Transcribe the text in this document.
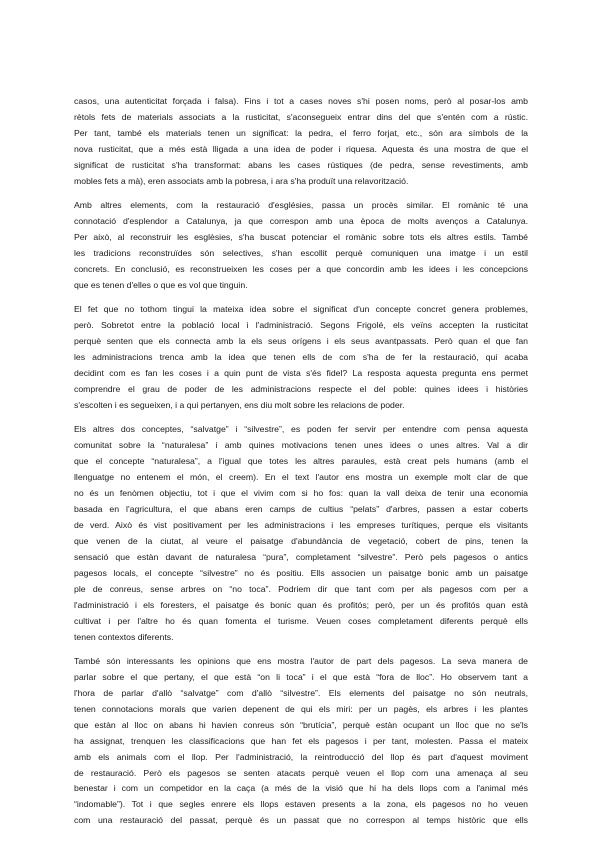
casos, una autenticitat forçada i falsa). Fins i tot a cases noves s'hi posen noms, però al posar-los amb
rètols fets de materials associats a la rusticitat, s'aconsegueix entrar dins del que s'entén com a rústic.
Per tant, també els materials tenen un significat: la pedra, el ferro forjat, etc., són ara símbols de la
nova rusticitat, que a més està lligada a una idea de poder i riquesa. Aquesta és una mostra de que el
significat de rusticitat s'ha transformat: abans les cases rústiques (de pedra, sense revestiments, amb
mobles fets a mà), eren associats amb la pobresa, i ara s'ha produït una relavorització.
Amb altres elements, com la restauració d'esglésies, passa un procès similar. El romànic té una
connotació d'esplendor a Catalunya, ja que correspon amb una època de molts avenços a Catalunya.
Per això, al reconstruir les esglèsies, s'ha buscat potenciar el romànic sobre tots els altres estils. També
les tradicions reconstruïdes són selectives, s'han escollit perquè comuniquen una imatge i un estil
concrets. En conclusió, es reconstrueixen les coses per a que concordin amb les idees i les concepcions
que es tenen d'elles o que es vol que tinguin.
El fet que no tothom tingui la mateixa idea sobre el significat d'un concepte concret genera problemes,
però. Sobretot entre la població local i l'administració. Segons Frigolé, els veïns accepten la rusticitat
perquè senten que els connecta amb la els seus orígens i els seus avantpassats. Però quan el que fan
les administracions trenca amb la idea que tenen ells de com s'ha de fer la restauració, qui acaba
decidint com es fan les coses i a quin punt de vista s'és fidel? La resposta aquesta pregunta ens permet
comprendre el grau de poder de les administracions respecte el del poble: quines idees i històries
s'escolten i es segueixen, i a qui pertanyen, ens diu molt sobre les relacions de poder.
Els altres dos conceptes, “salvatge” i “silvestre”, es poden fer servir per entendre com pensa aquesta
comunitat sobre la “naturalesa” i amb quines motivacions tenen unes idees o unes altres. Val a dir
que el concepte “naturalesa”, a l'igual que totes les altres paraules, està creat pels humans (amb el
llenguatge no entenem el món, el creem). En el text l'autor ens mostra un exemple molt clar de que
no és un fenòmen objectiu, tot i que el vivim com si ho fos: quan la vall deixa de tenir una economia
basada en l'agricultura, el que abans eren camps de cultius “pelats” d'arbres, passen a estar coberts
de verd. Això és vist positivament per les administracions i les empreses turítiques, perque els visitants
que venen de la ciutat, al veure el paisatge d'abundància de vegetació, cobert de pins, tenen la
sensació que estàn davant de naturalesa “pura”, completament “silvestre”. Però pels pagesos o antics
pagesos locals, el concepte “silvestre” no és positiu. Ells associen un paisatge bonic amb un paisatge
ple de conreus, sense arbres on “no toca”. Podriem dir que tant com per als pagesos com per a
l'administració i els foresters, el paisatge és bonic quan és profitós; però, per un és profitós quan està
cultivat i per l'altre ho és quan fomenta el turisme. Veuen coses completament diferents perquè ells
tenen contextos diferents.
També són interessants les opinions que ens mostra l'autor de part dels pagesos. La seva manera de
parlar sobre el que pertany, el que està “on li toca” i el que està “fora de lloc”. Ho observem tant a
l'hora de parlar d'allò “salvatge” com d'allò “silvestre”. Els elements del paisatge no són neutrals,
tenen connotacions morals que varien depenent de qui els miri: per un pagès, els arbres i les plantes
que estàn al lloc on abans hi havien conreus són “brutícia”, perquè estàn ocupant un lloc que no se'ls
ha assignat, trenquen les classificacions que han fet els pagesos i per tant, molesten. Passa el mateix
amb els animals com el llop. Per l'administració, la reintroducció del llop és part d'aquest moviment
de restauració. Però els pagesos se senten atacats perquè veuen el llop com una amenaça al seu
benestar i com un competidor en la caça (a més de la visió que hi ha dels llops com a l'animal més
“indomable”). Tot i que segles enrere els llops estaven presents a la zona, els pagesos no ho veuen
com una restauració del passat, perquè és un passat que no correspon al temps històric que ells
